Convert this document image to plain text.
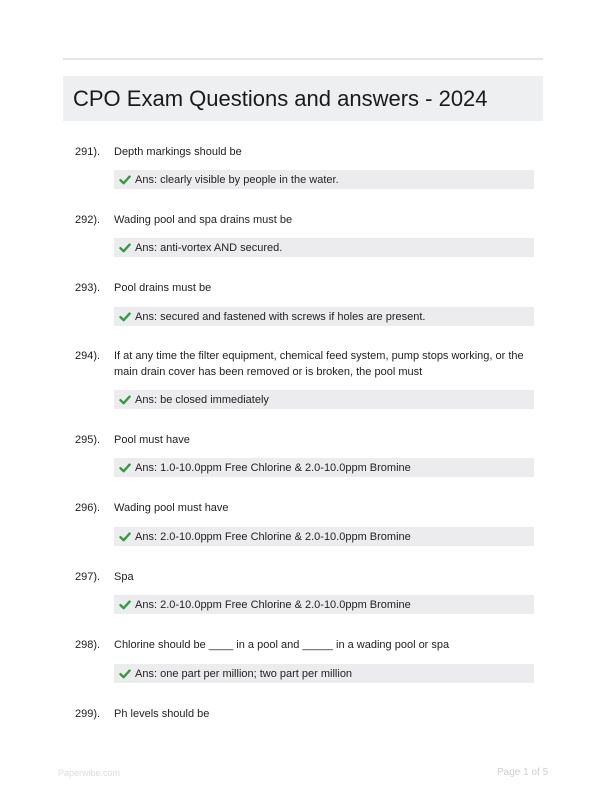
CPO Exam Questions and answers - 2024
291). Depth markings should be
Ans: clearly visible by people in the water.
292). Wading pool and spa drains must be
Ans: anti-vortex AND secured.
293). Pool drains must be
Ans: secured and fastened with screws if holes are present.
294). If at any time the filter equipment, chemical feed system, pump stops working, or the main drain cover has been removed or is broken, the pool must
Ans: be closed immediately
295). Pool must have
Ans: 1.0-10.0ppm Free Chlorine & 2.0-10.0ppm Bromine
296). Wading pool must have
Ans: 2.0-10.0ppm Free Chlorine & 2.0-10.0ppm Bromine
297). Spa
Ans: 2.0-10.0ppm Free Chlorine & 2.0-10.0ppm Bromine
298). Chlorine should be ____ in a pool and _____ in a wading pool or spa
Ans: one part per million; two part per million
299). Ph levels should be
Paperwibe.com	Page 1 of 5
